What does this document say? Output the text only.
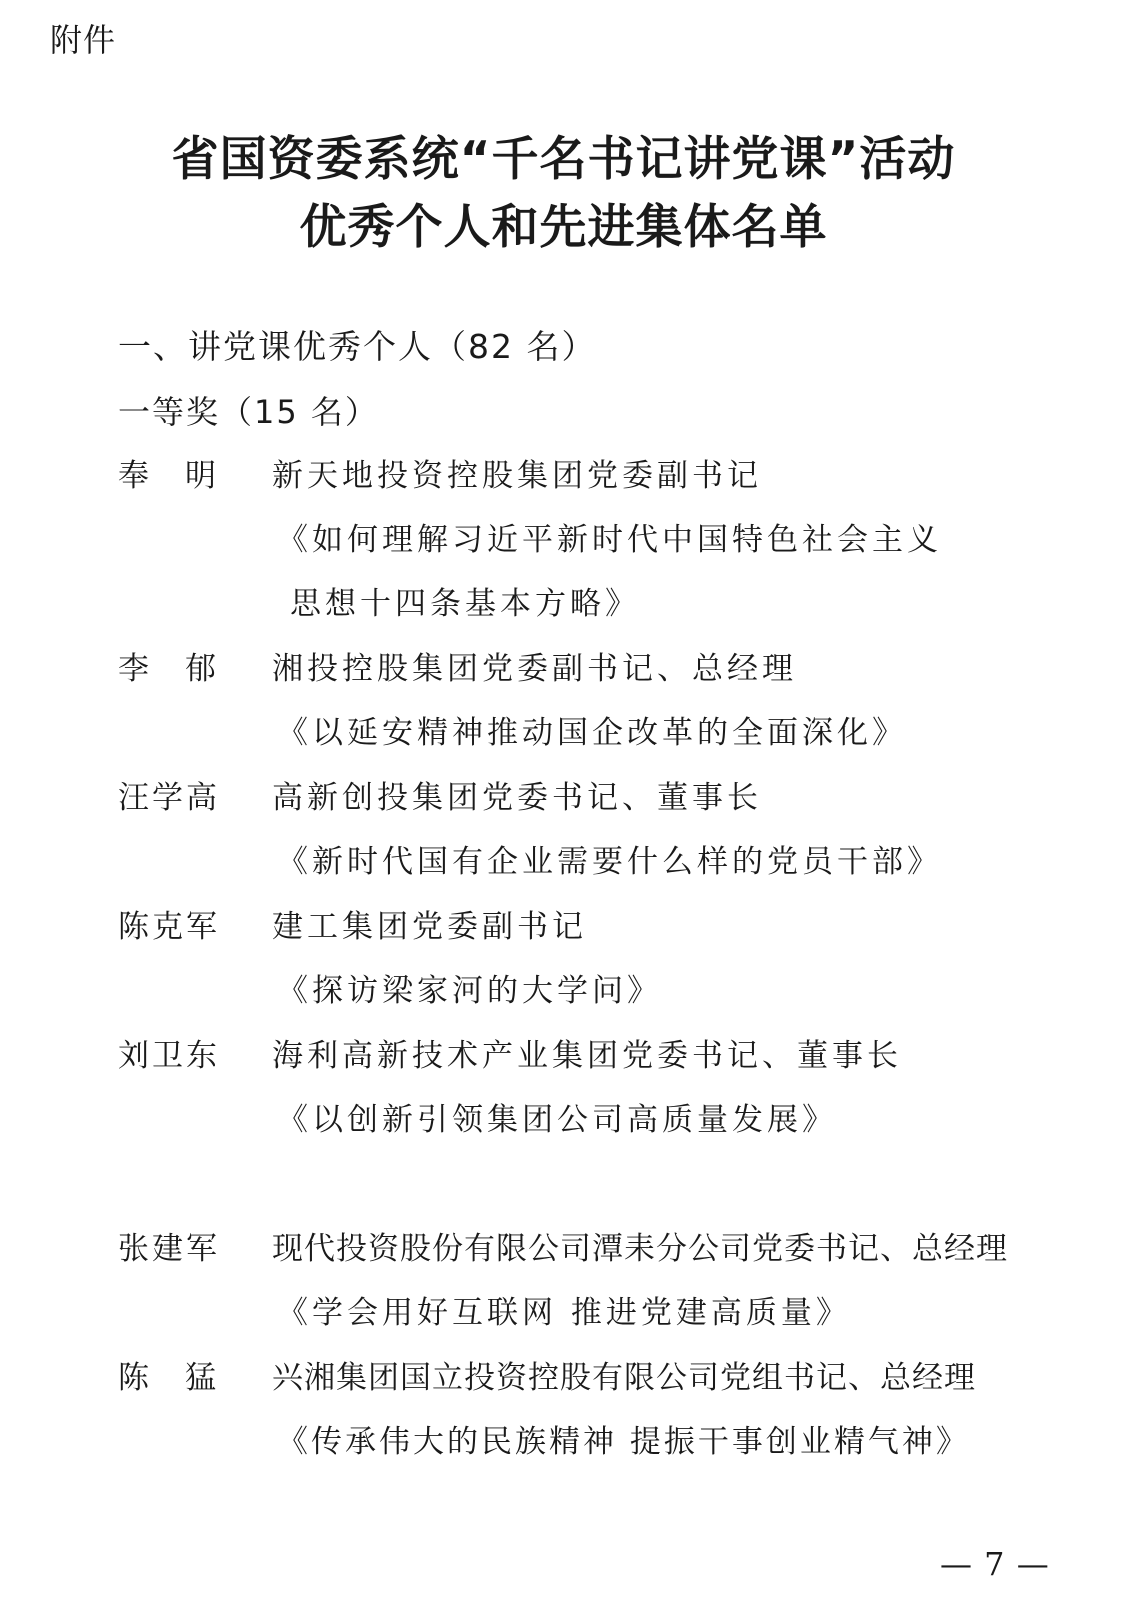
附件
省国资委系统“千名书记讲党课”活动
优秀个人和先进集体名单
一、讲党课优秀个人（82 名）
一等奖（15 名）
奉 明 新天地投资控股集团党委副书记
《如何理解习近平新时代中国特色社会主义
思想十四条基本方略》
李 郁 湘投控股集团党委副书记、总经理
《以延安精神推动国企改革的全面深化》
汪学高 高新创投集团党委书记、董事长
《新时代国有企业需要什么样的党员干部》
陈克军 建工集团党委副书记
《探访梁家河的大学问》
刘卫东 海利高新技术产业集团党委书记、董事长
《以创新引领集团公司高质量发展》
张建军 现代投资股份有限公司潭耒分公司党委书记、总经理
《学会用好互联网 推进党建高质量》
陈 猛 兴湘集团国立投资控股有限公司党组书记、总经理
《传承伟大的民族精神 提振干事创业精气神》
— 7 —
